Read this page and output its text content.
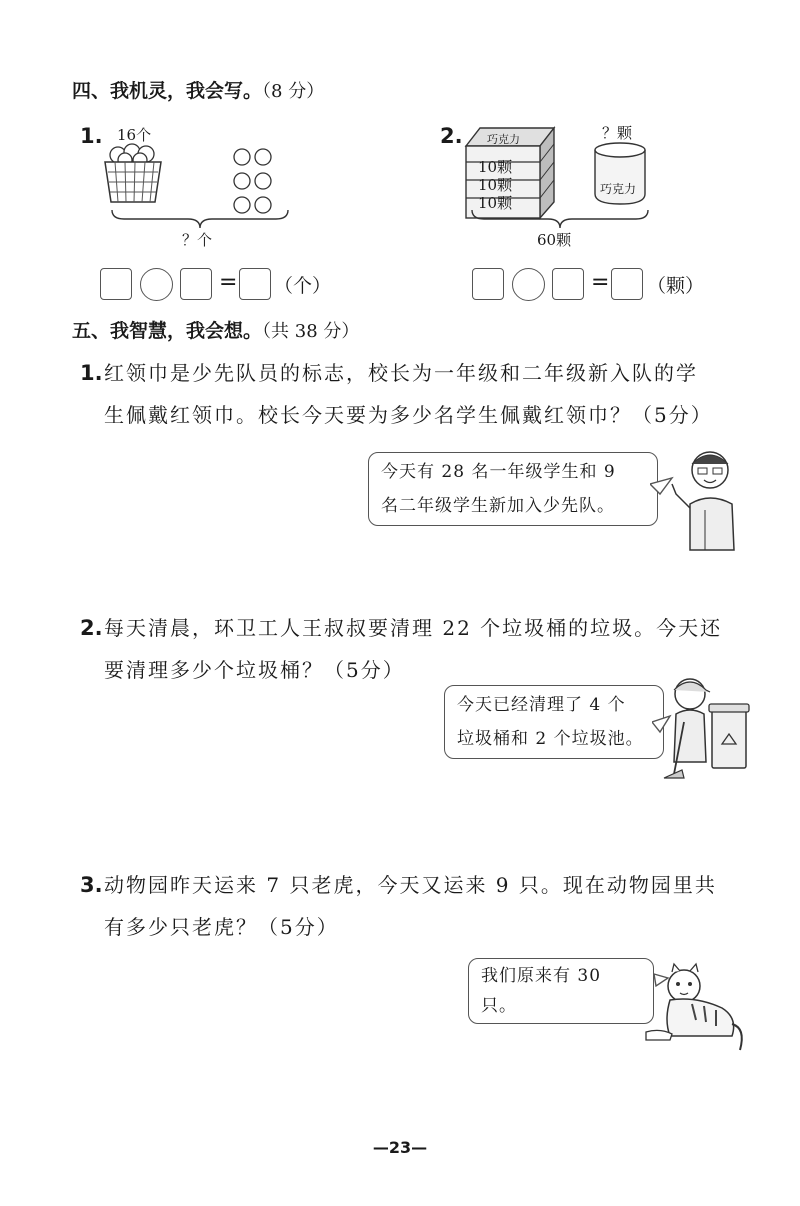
四、我机灵，我会写。（8 分）
1. 16个
？个
= （个）
2. 巧克力
10颗
10颗
10颗
？颗
巧克力
60颗
= （颗）
五、我智慧，我会想。（共 38 分）
1. 红领巾是少先队员的标志，校长为一年级和二年级新入队的学
生佩戴红领巾。校长今天要为多少名学生佩戴红领巾？（5分）
今天有 28 名一年级学生和 9
名二年级学生新加入少先队。
2. 每天清晨，环卫工人王叔叔要清理 22 个垃圾桶的垃圾。今天还
要清理多少个垃圾桶？（5分）
今天已经清理了 4 个
垃圾桶和 2 个垃圾池。
3. 动物园昨天运来 7 只老虎，今天又运来 9 只。现在动物园里共
有多少只老虎？（5分）
我们原来有 30 只。
—23—
